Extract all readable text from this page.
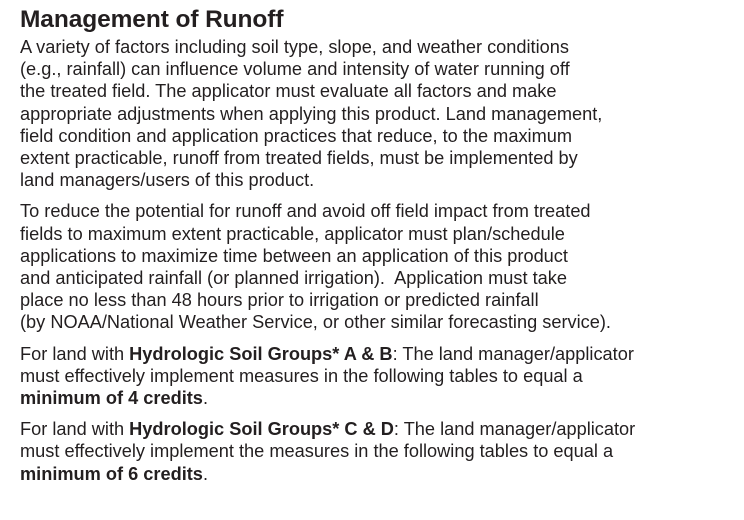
Management of Runoff

A variety of factors including soil type, slope, and weather conditions
(e.g., rainfall) can influence volume and intensity of water running off
the treated field. The applicator must evaluate all factors and make
appropriate adjustments when applying this product. Land management,
field condition and application practices that reduce, to the maximum
extent practicable, runoff from treated fields, must be implemented by
land managers/users of this product.

To reduce the potential for runoff and avoid off field impact from treated
fields to maximum extent practicable, applicator must plan/schedule
applications to maximize time between an application of this product
and anticipated rainfall (or planned irrigation).  Application must take
place no less than 48 hours prior to irrigation or predicted rainfall
(by NOAA/National Weather Service, or other similar forecasting service).

For land with Hydrologic Soil Groups* A & B: The land manager/applicator
must effectively implement measures in the following tables to equal a
minimum of 4 credits.

For land with Hydrologic Soil Groups* C & D: The land manager/applicator
must effectively implement the measures in the following tables to equal a
minimum of 6 credits.
